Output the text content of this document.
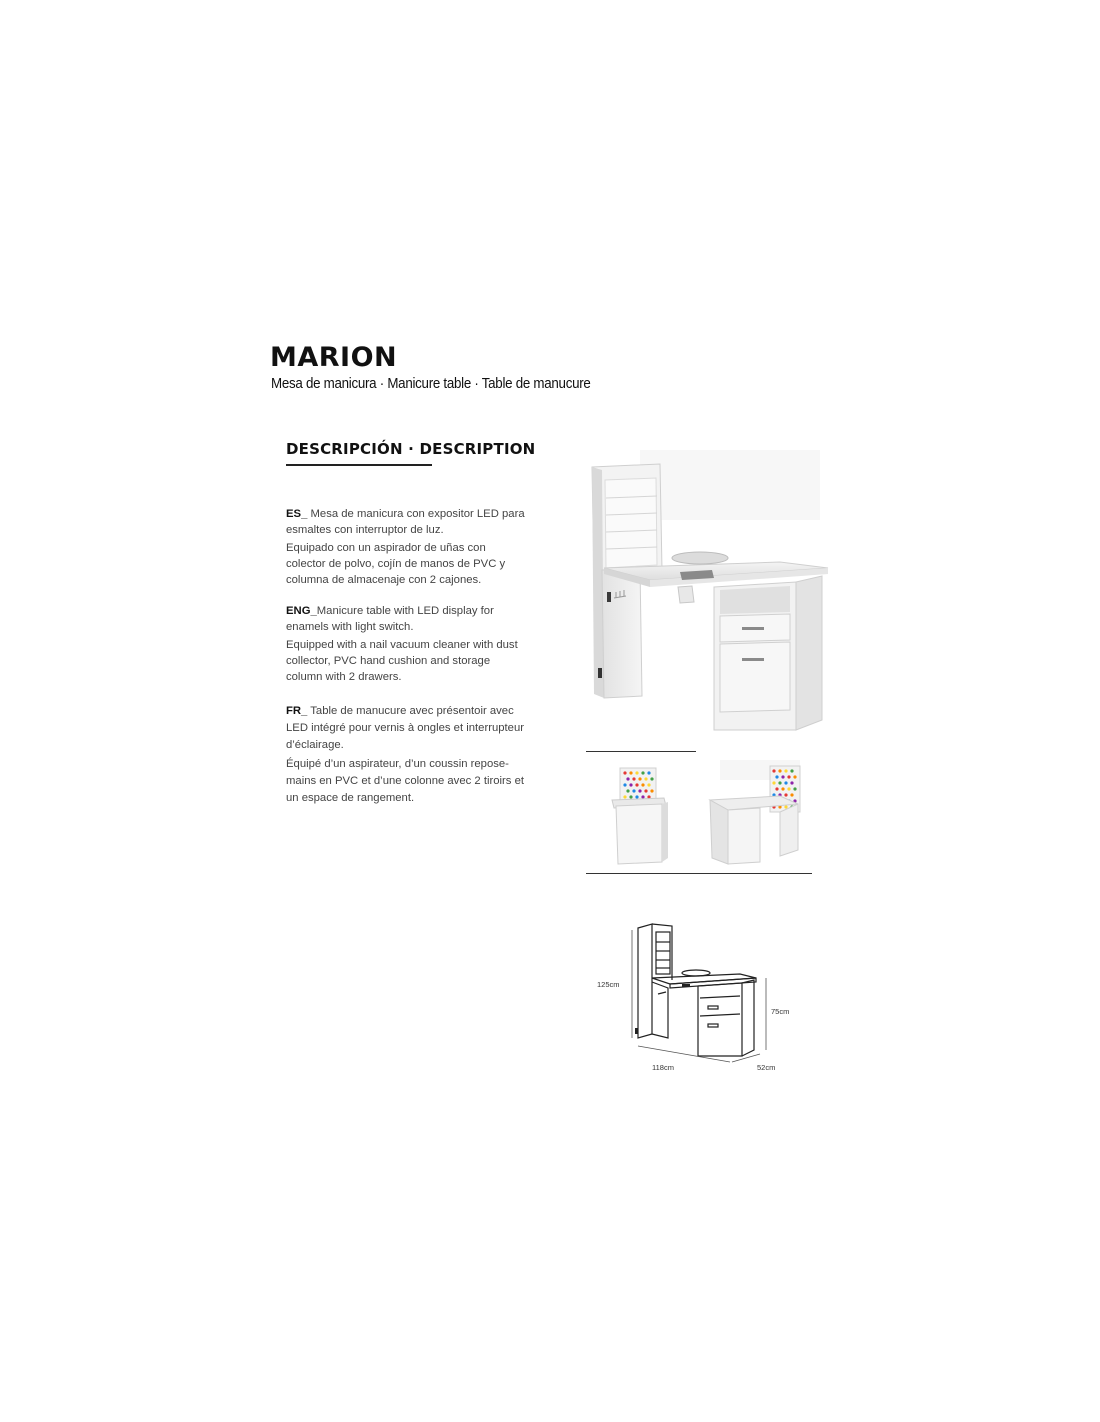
MARION
Mesa de manicura · Manicure table · Table de manucure
DESCRIPCIÓN · DESCRIPTION

ES_ Mesa de manicura con expositor LED para esmaltes con interruptor de luz.

Equipado con un aspirador de uñas con colector de polvo, cojín de manos de PVC y columna de almacenaje con 2 cajones.

ENG_Manicure table with LED display for enamels with light switch.

Equipped with a nail vacuum cleaner with dust collector, PVC hand cushion and storage column with 2 drawers.

FR_ Table de manucure avec présentoir avec LED intégré pour vernis à ongles et interrupteur d’éclairage.

Équipé d’un aspirateur, d’un coussin repose-mains en PVC et d’une colonne avec 2 tiroirs et un espace de rangement.

125cm
75cm
118cm	52cm
